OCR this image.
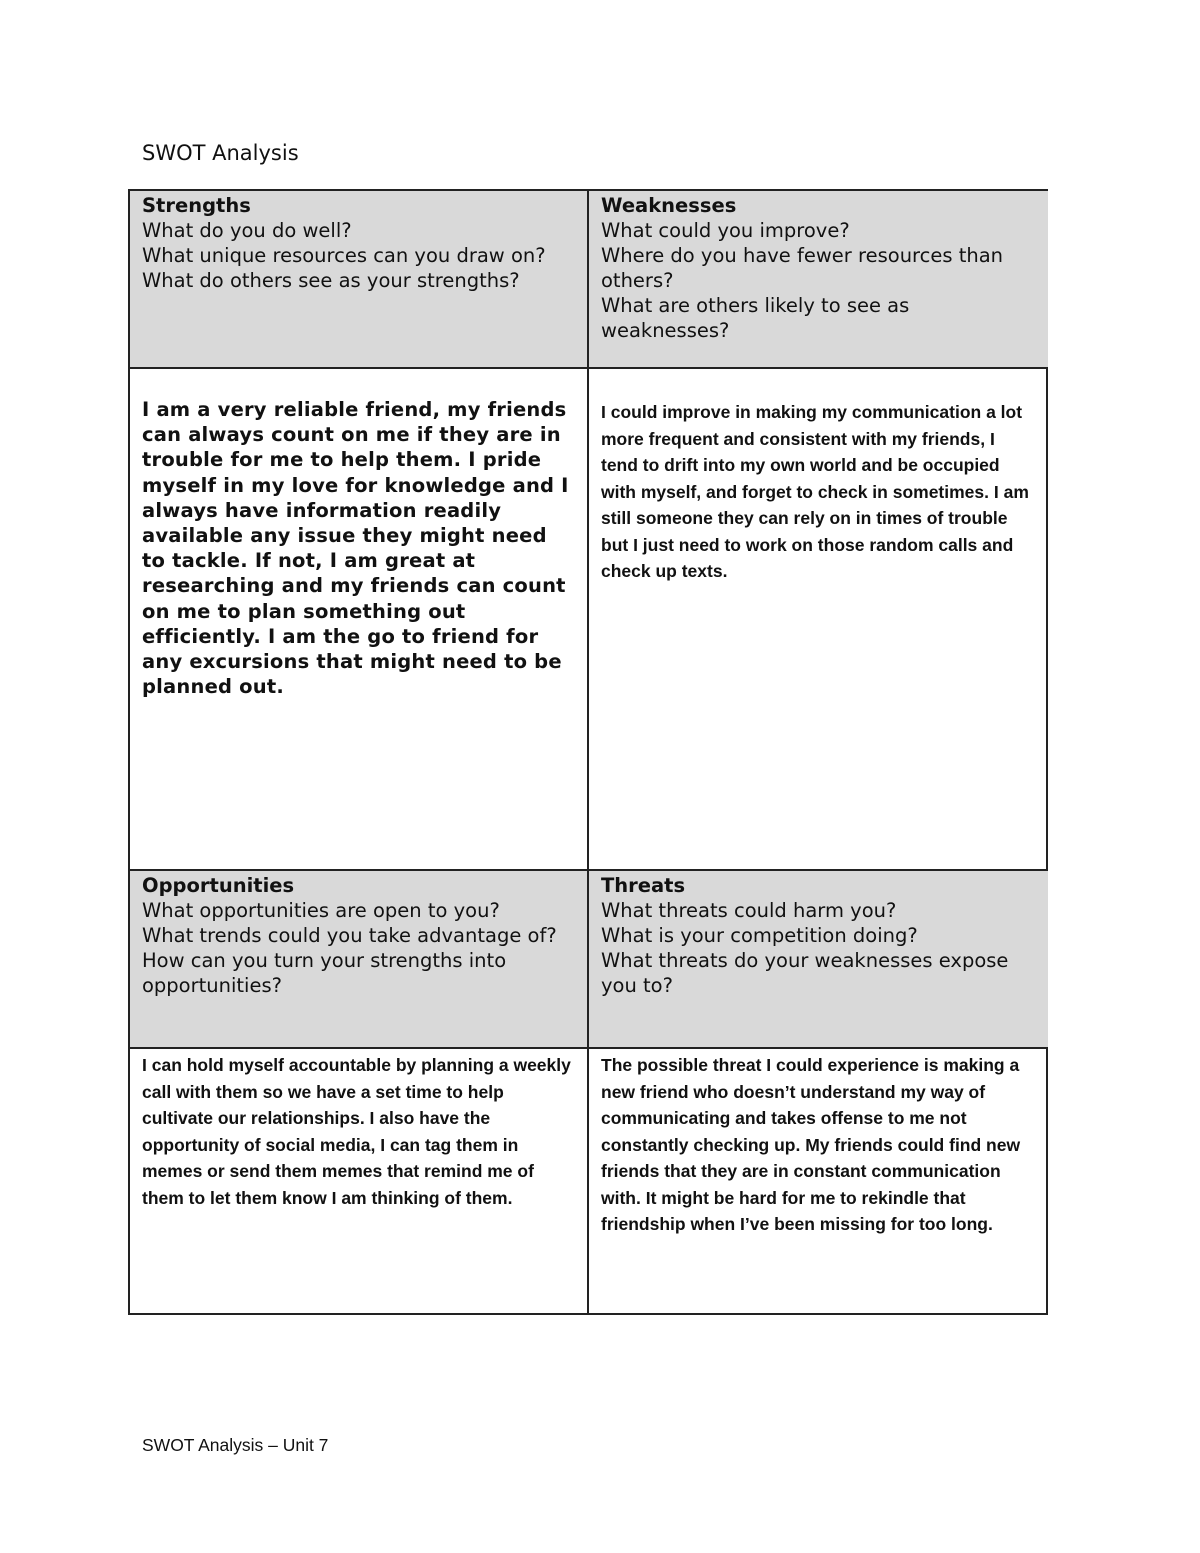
SWOT Analysis

Strengths

What do you do well?

What unique resources can you draw on?

What do others see as your strengths?

Weaknesses

What could you improve?

Where do you have fewer resources than others?

What are others likely to see as weaknesses?

I am a very reliable friend, my friends can always count on me if they are in trouble for me to help them. I pride myself in my love for knowledge and I always have information readily available any issue they might need to tackle. If not, I am great at researching and my friends can count on me to plan something out efficiently. I am the go to friend for any excursions that might need to be planned out.

I could improve in making my communication a lot more frequent and consistent with my friends, I tend to drift into my own world and be occupied with myself, and forget to check in sometimes. I am still someone they can rely on in times of trouble but I just need to work on those random calls and check up texts.

Opportunities

What opportunities are open to you?

What trends could you take advantage of?

How can you turn your strengths into opportunities?

Threats

What threats could harm you?

What is your competition doing?

What threats do your weaknesses expose you to?

I can hold myself accountable by planning a weekly call with them so we have a set time to help cultivate our relationships. I also have the opportunity of social media, I can tag them in memes or send them memes that remind me of them to let them know I am thinking of them.

The possible threat I could experience is making a new friend who doesn’t understand my way of communicating and takes offense to me not constantly checking up. My friends could find new friends that they are in constant communication with. It might be hard for me to rekindle that friendship when I’ve been missing for too long.

SWOT Analysis – Unit 7
